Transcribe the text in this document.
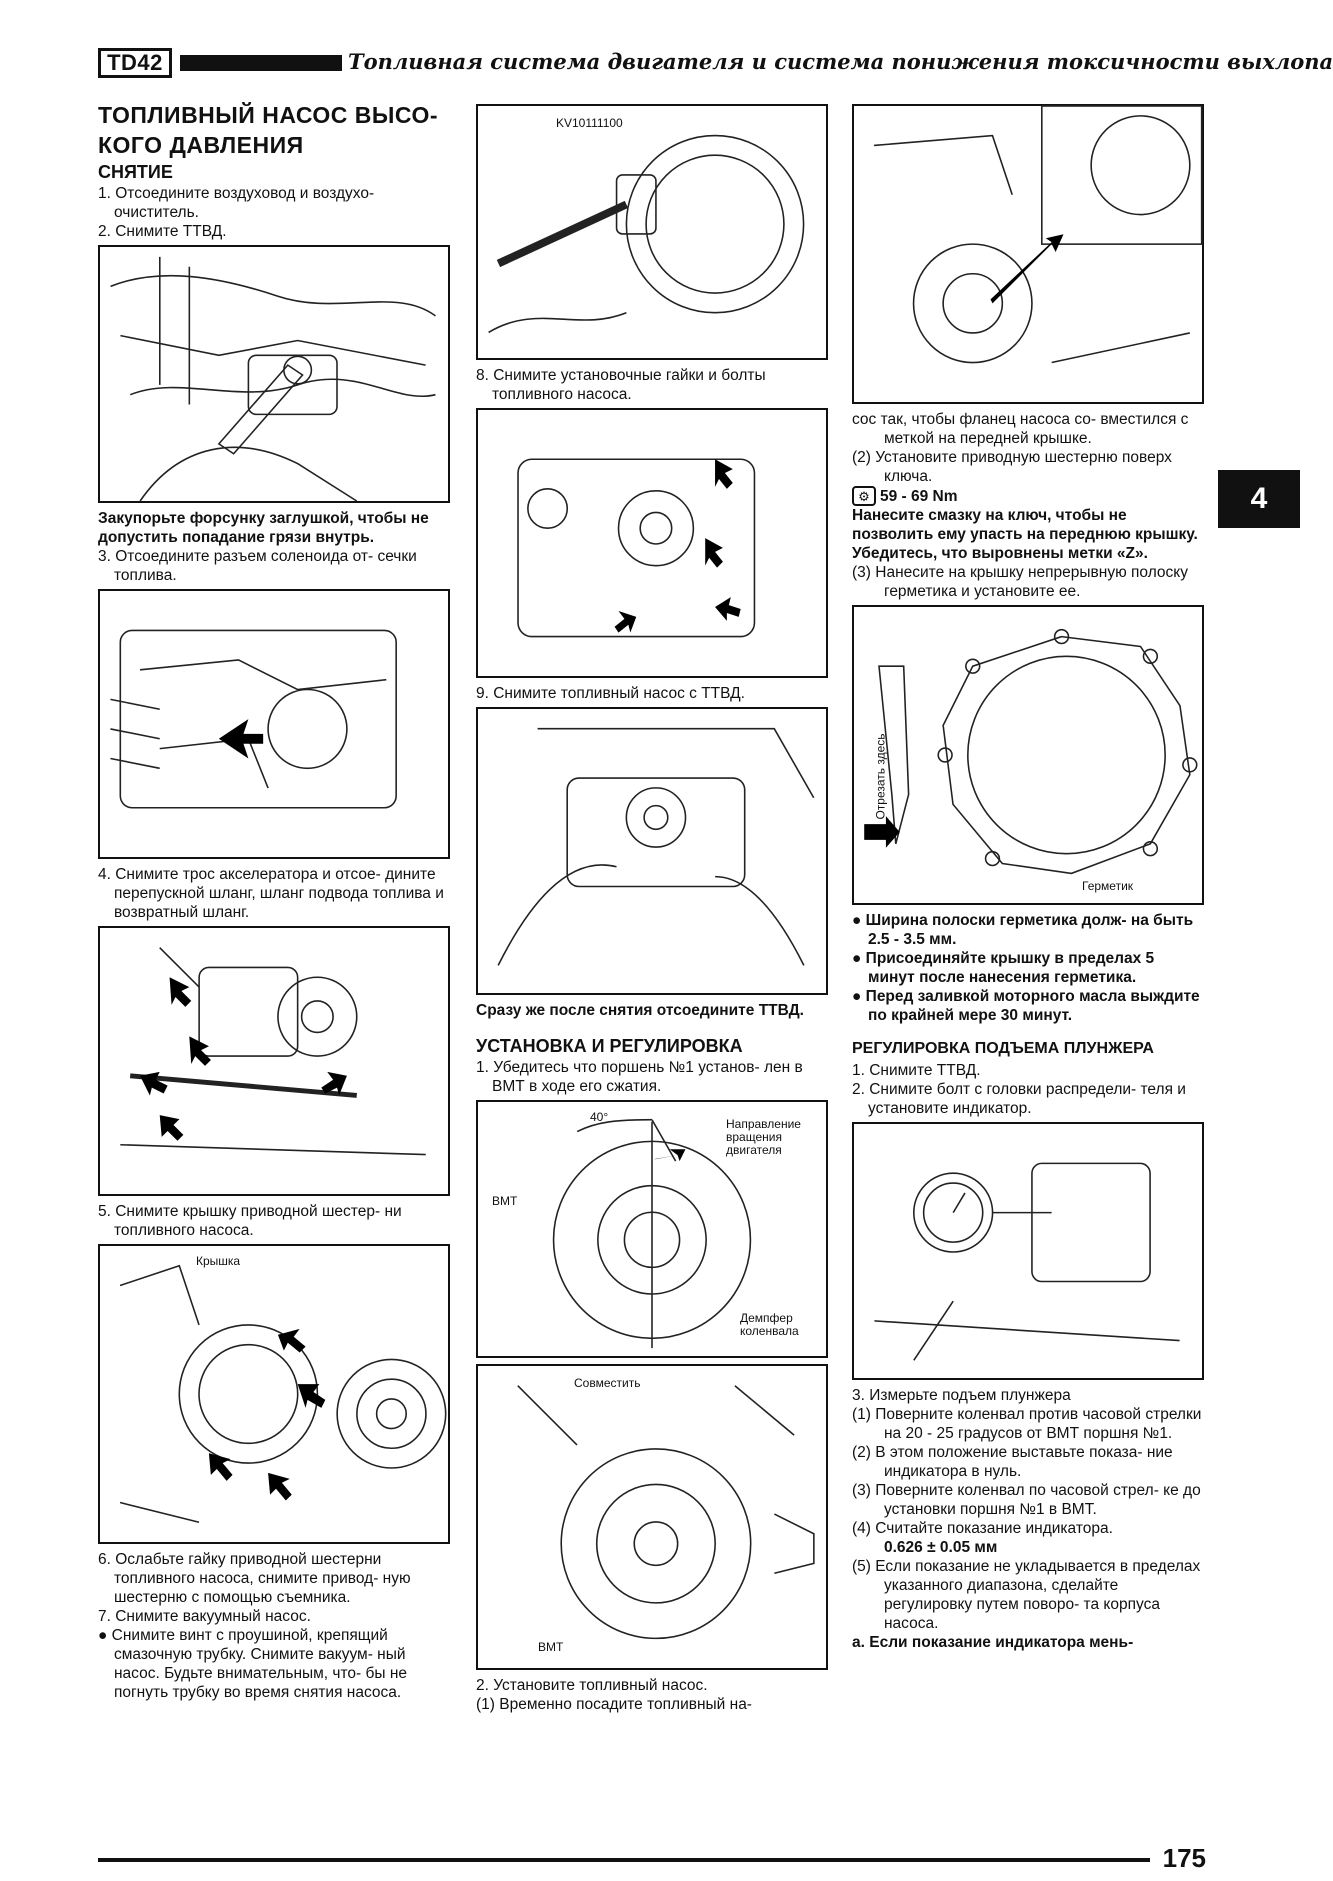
TD42	Топливная система двигателя и система понижения токсичности выхлопа
4

ТОПЛИВНЫЙ НАСОС ВЫСО- КОГО ДАВЛЕНИЯ

СНЯТИЕ

1. Отсоедините воздуховод и воздухо- очиститель.

2. Снимите ТТВД.

Закупорьте форсунку заглушкой, чтобы не допустить попадание грязи внутрь.

3. Отсоедините разъем соленоида от- сечки топлива.

4. Снимите трос акселератора и отсое- дините перепускной шланг, шланг подвода топлива и возвратный шланг.

5. Снимите крышку приводной шестер- ни топливного насоса.

Крышка

6. Ослабьте гайку приводной шестерни топливного насоса, снимите привод- ную шестерню с помощью съемника.

7. Снимите вакуумный насос.

● Снимите винт с проушиной, крепящий смазочную трубку. Снимите вакуум- ный насос. Будьте внимательным, что- бы не погнуть трубку во время снятия насоса.

KV10111100

8. Снимите установочные гайки и болты топливного насоса.

9. Снимите топливный насос с ТТВД.

Сразу же после снятия отсоедините ТТВД.

УСТАНОВКА И РЕГУЛИРОВКА

1. Убедитесь что поршень №1 установ- лен в ВМТ в ходе его сжатия.

40°	Направление вращения двигателя
ВМТ
Демпфер коленвала
Совместить
ВМТ

2. Установите топливный насос.

(1) Временно посадите топливный на-

сос так, чтобы фланец насоса со- вместился с меткой на передней крышке.

(2) Установите приводную шестерню поверх ключа.

⚙ 59 - 69 Nm

Нанесите смазку на ключ, чтобы не позволить ему упасть на переднюю крышку. Убедитесь, что выровнены метки «Z».

(3) Нанесите на крышку непрерывную полоску герметика и установите ее.

Отрезать здесь
Герметик

● Ширина полоски герметика долж- на быть 2.5 - 3.5 мм.

● Присоединяйте крышку в пределах 5 минут после нанесения герметика.

● Перед заливкой моторного масла выждите по крайней мере 30 минут.

РЕГУЛИРОВКА ПОДЪЕМА ПЛУНЖЕРА

1. Снимите ТТВД.

2. Снимите болт с головки распредели- теля и установите индикатор.

3. Измерьте подъем плунжера

(1) Поверните коленвал против часовой стрелки на 20 - 25 градусов от ВМТ поршня №1.

(2) В этом положение выставьте показа- ние индикатора в нуль.

(3) Поверните коленвал по часовой стрел- ке до установки поршня №1 в ВМТ.

(4) Считайте показание индикатора.

0.626 ± 0.05 мм

(5) Если показание не укладывается в пределах указанного диапазона, сделайте регулировку путем поворо- та корпуса насоса.

а. Если показание индикатора мень-

175
